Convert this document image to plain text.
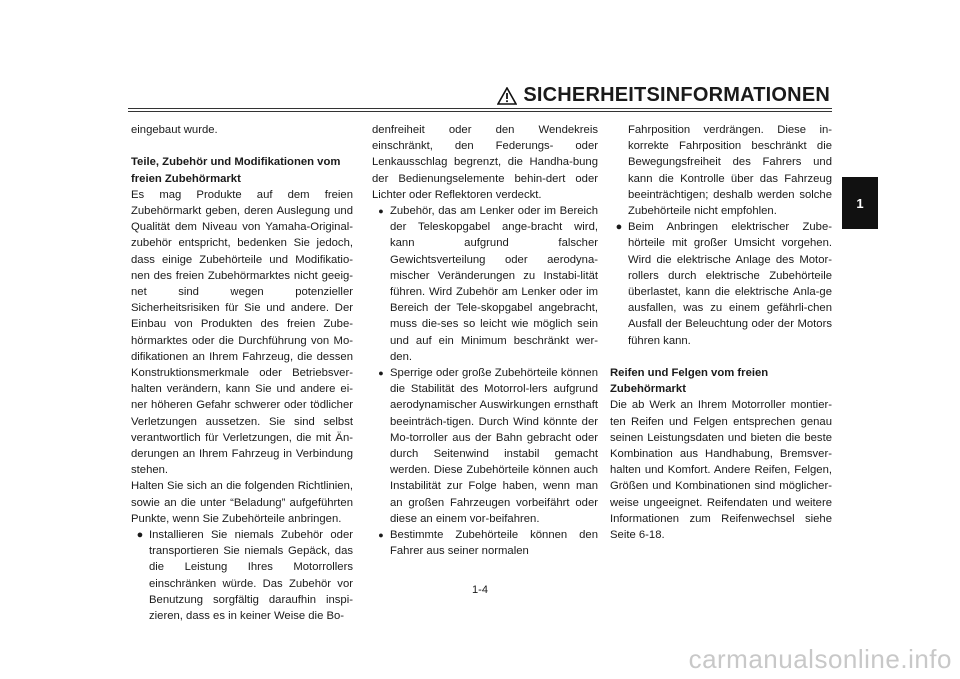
SICHERHEITSINFORMATIONEN

eingebaut wurde.

Teile, Zubehör und Modifikationen vom
freien Zubehörmarkt

Es mag Produkte auf dem freien Zubehörmarkt geben, deren Auslegung und Qualität dem Niveau von Yamaha-Original-zubehör entspricht, bedenken Sie jedoch, dass einige Zubehörteile und Modifikatio-nen des freien Zubehörmarktes nicht geeig-net sind wegen potenzieller Sicherheitsrisiken für Sie und andere. Der Einbau von Produkten des freien Zube-hörmarktes oder die Durchführung von Mo-difikationen an Ihrem Fahrzeug, die dessen Konstruktionsmerkmale oder Betriebsver-halten verändern, kann Sie und andere ei-ner höheren Gefahr schwerer oder tödlicher Verletzungen aussetzen. Sie sind selbst verantwortlich für Verletzungen, die mit Än-derungen an Ihrem Fahrzeug in Verbindung stehen.

Halten Sie sich an die folgenden Richtlinien, sowie an die unter “Beladung” aufgeführten Punkte, wenn Sie Zubehörteile anbringen.

● Installieren Sie niemals Zubehör oder transportieren Sie niemals Gepäck, das die Leistung Ihres Motorrollers einschränken würde. Das Zubehör vor Benutzung sorgfältig daraufhin inspi-zieren, dass es in keiner Weise die Bo-

denfreiheit oder den Wendekreis einschränkt, den Federungs- oder Lenkausschlag begrenzt, die Handha-bung der Bedienungselemente behin-dert oder Lichter oder Reflektoren verdeckt.

● Zubehör, das am Lenker oder im Bereich der Teleskopgabel ange-bracht wird, kann aufgrund falscher Gewichtsverteilung oder aerodyna-mischer Veränderungen zu Instabi-lität führen. Wird Zubehör am Lenker oder im Bereich der Tele-skopgabel angebracht, muss die-ses so leicht wie möglich sein und auf ein Minimum beschränkt wer-den.
● Sperrige oder große Zubehörteile können die Stabilität des Motorrol-lers aufgrund aerodynamischer Auswirkungen ernsthaft beeinträch-tigen. Durch Wind könnte der Mo-torroller aus der Bahn gebracht oder durch Seitenwind instabil gemacht werden. Diese Zubehörteile können auch Instabilität zur Folge haben, wenn man an großen Fahrzeugen vorbeifährt oder diese an einem vor-beifahren.
● Bestimmte Zubehörteile können den Fahrer aus seiner normalen

Fahrposition verdrängen. Diese in-korrekte Fahrposition beschränkt die Bewegungsfreiheit des Fahrers und kann die Kontrolle über das Fahrzeug beeinträchtigen; deshalb werden solche Zubehörteile nicht empfohlen.

● Beim Anbringen elektrischer Zube-hörteile mit großer Umsicht vorgehen. Wird die elektrische Anlage des Motor-rollers durch elektrische Zubehörteile überlastet, kann die elektrische Anla-ge ausfallen, was zu einem gefährli-chen Ausfall der Beleuchtung oder der Motors führen kann.

Reifen und Felgen vom freien
Zubehörmarkt

Die ab Werk an Ihrem Motorroller montier-ten Reifen und Felgen entsprechen genau seinen Leistungsdaten und bieten die beste Kombination aus Handhabung, Bremsver-halten und Komfort. Andere Reifen, Felgen, Größen und Kombinationen sind möglicher-weise ungeeignet. Reifendaten und weitere Informationen zum Reifenwechsel siehe Seite 6-18.

1
1-4
carmanualsonline.info
